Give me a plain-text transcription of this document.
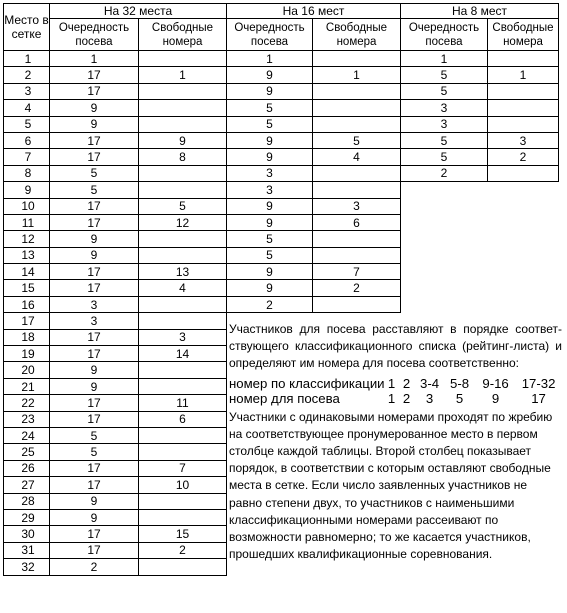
Место в сетке	На 32 места		На 16 мест		На 8 мест	
	Очередность посева	Свободные номера	Очередность посева	Свободные номера	Очередность посева	Свободные номера
1	1		1		1	
2	17	1	9	1	5	1
3	17		9		5	
4	9		5		3	
5	9		5		3	
6	17	9	9	5	5	3
7	17	8	9	4	5	2
8	5		3		2	
9	5		3			
10	17	5	9	3		
11	17	12	9	6		
12	9		5			
13	9		5			
14	17	13	9	7		
15	17	4	9	2		
16	3		2			
17	3					
18	17	3				
19	17	14				
20	9					
21	9					
22	17	11				
23	17	6				
24	5					
25	5					
26	17	7				
27	17	10				
28	9					
29	9					
30	17	15				
31	17	2				
32	2					

Участников для посева расставляют в порядке соответ-ствующего классификационного списка (рейтинг-листа) и определяют им номера для посева соответственно:

номер по классификации	1	2	3-4	5-8	9-16	17-32
номер для посева	1	2	3	5	9	17

Участники с одинаковыми номерами проходят по жребию на соответствующее пронумерованное место в первом столбце каждой таблицы. Второй столбец показывает порядок, в соответствии с которым оставляют свободные места в сетке. Если число заявленных участников не равно степени двух, то участников с наименьшими классификационными номерами рассеивают по возможности равномерно; то же касается участников, прошедших квалификационные соревнования.
